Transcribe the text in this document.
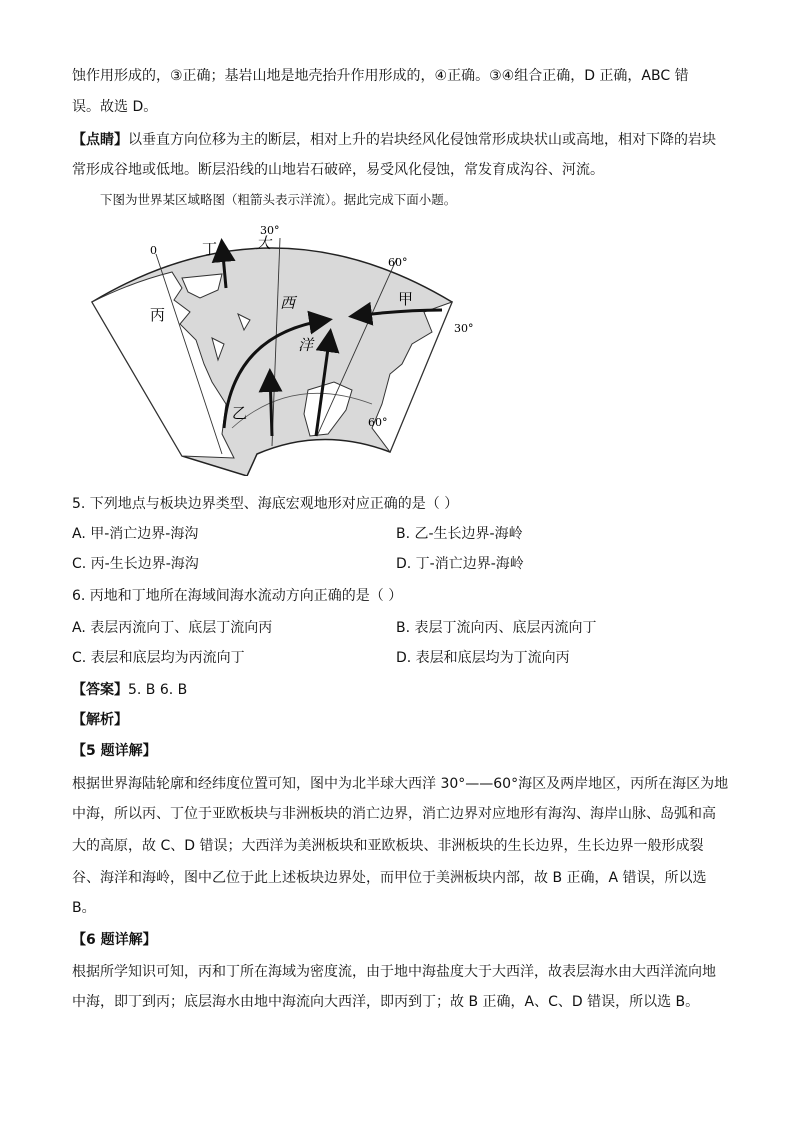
蚀作用形成的，③正确；基岩山地是地壳抬升作用形成的，④正确。③④组合正确，D 正确，ABC 错
误。故选 D。
【点睛】以垂直方向位移为主的断层，相对上升的岩块经风化侵蚀常形成块状山或高地，相对下降的岩块
常形成谷地或低地。断层沿线的山地岩石破碎，易受风化侵蚀，常发育成沟谷、河流。
下图为世界某区域略图（粗箭头表示洋流）。据此完成下面小题。
0
30°
60°
30°
60°
甲
乙
丙
丁	大
西
洋
5. 下列地点与板块边界类型、海底宏观地形对应正确的是（ ）
A. 甲-消亡边界-海沟	B. 乙-生长边界-海岭
C. 丙-生长边界-海沟	D. 丁-消亡边界-海岭
6. 丙地和丁地所在海域间海水流动方向正确的是（ ）
A. 表层丙流向丁、底层丁流向丙	B. 表层丁流向丙、底层丙流向丁
C. 表层和底层均为丙流向丁	D. 表层和底层均为丁流向丙
【答案】5. B 6. B
【解析】
【5 题详解】
根据世界海陆轮廓和经纬度位置可知，图中为北半球大西洋 30°——60°海区及两岸地区，丙所在海区为地
中海，所以丙、丁位于亚欧板块与非洲板块的消亡边界，消亡边界对应地形有海沟、海岸山脉、岛弧和高
大的高原，故 C、D 错误；大西洋为美洲板块和亚欧板块、非洲板块的生长边界，生长边界一般形成裂
谷、海洋和海岭，图中乙位于此上述板块边界处，而甲位于美洲板块内部，故 B 正确，A 错误，所以选
B。
【6 题详解】
根据所学知识可知，丙和丁所在海域为密度流，由于地中海盐度大于大西洋，故表层海水由大西洋流向地
中海，即丁到丙；底层海水由地中海流向大西洋，即丙到丁；故 B 正确，A、C、D 错误，所以选 B。
